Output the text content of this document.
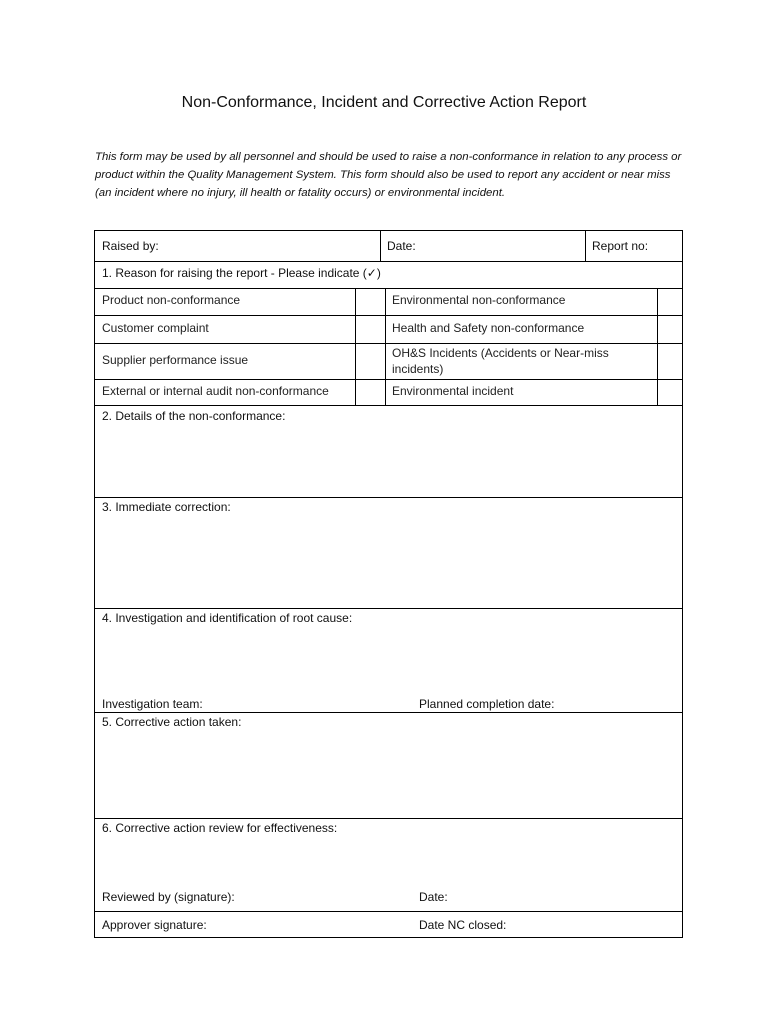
Non-Conformance, Incident and Corrective Action Report
This form may be used by all personnel and should be used to raise a non-conformance in relation to any process or product within the Quality Management System. This form should also be used to report any accident or near miss (an incident where no injury, ill health or fatality occurs) or environmental incident.
Raised by:	Date:	Report no:
1. Reason for raising the report - Please indicate (✓)
Product non-conformance	Environmental non-conformance
Customer complaint	Health and Safety non-conformance
Supplier performance issue	OH&S Incidents (Accidents or Near-miss incidents)
External or internal audit non-conformance	Environmental incident
2. Details of the non-conformance:
3. Immediate correction:
4. Investigation and identification of root cause:
Investigation team:	Planned completion date:
5. Corrective action taken:
6. Corrective action review for effectiveness:
Reviewed by (signature):	Date:
Approver signature:	Date NC closed:
